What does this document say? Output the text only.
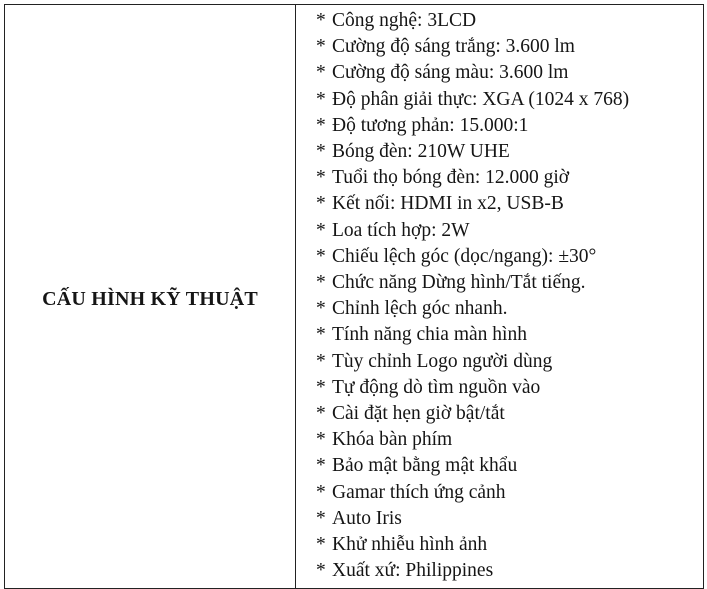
CẤU HÌNH KỸ THUẬT	
* Công nghệ: 3LCD
* Cường độ sáng trắng: 3.600 lm
* Cường độ sáng màu: 3.600 lm
* Độ phân giải thực: XGA (1024 x 768)
* Độ tương phản: 15.000:1
* Bóng đèn: 210W UHE
* Tuổi thọ bóng đèn: 12.000 giờ
* Kết nối: HDMI in x2, USB-B
* Loa tích hợp: 2W
* Chiếu lệch góc (dọc/ngang): ±30°
* Chức năng Dừng hình/Tắt tiếng.
* Chỉnh lệch góc nhanh.
* Tính năng chia màn hình
* Tùy chỉnh Logo người dùng
* Tự động dò tìm nguồn vào
* Cài đặt hẹn giờ bật/tắt
* Khóa bàn phím
* Bảo mật bằng mật khẩu
* Gamar thích ứng cảnh
* Auto Iris
* Khử nhiễu hình ảnh
* Xuất xứ: Philippines
